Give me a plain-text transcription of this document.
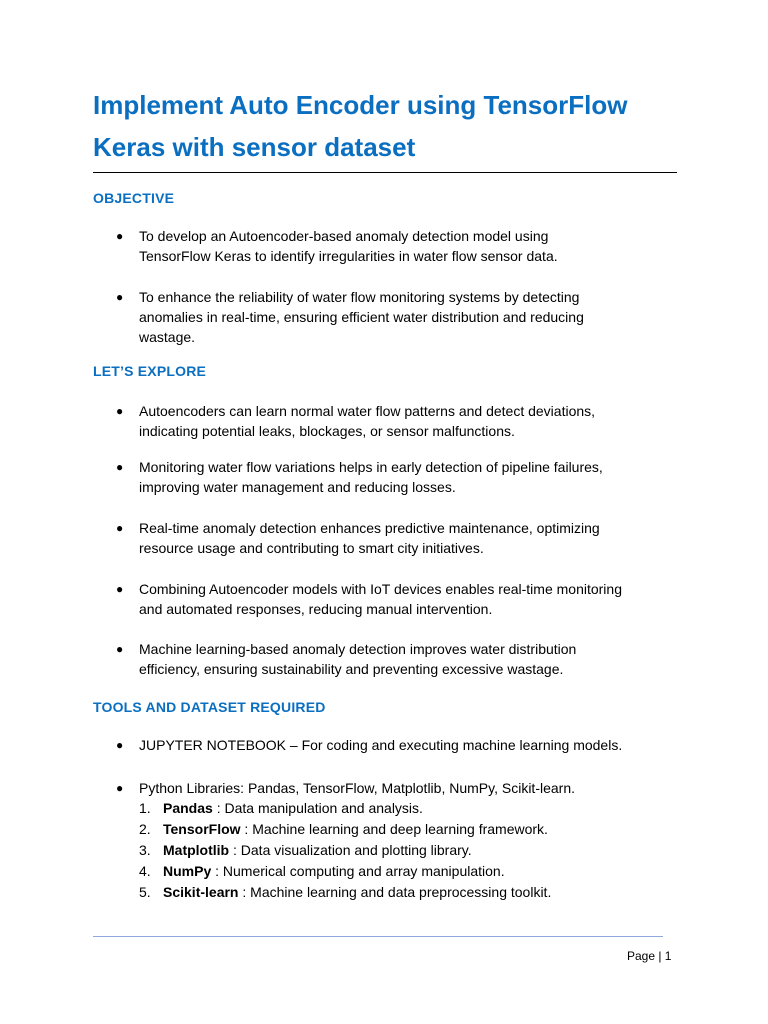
Implement Auto Encoder using TensorFlow
Keras with sensor dataset
OBJECTIVE
● To develop an Autoencoder-based anomaly detection model using
TensorFlow Keras to identify irregularities in water flow sensor data.
● To enhance the reliability of water flow monitoring systems by detecting
anomalies in real-time, ensuring efficient water distribution and reducing
wastage.
LET’S EXPLORE
● Autoencoders can learn normal water flow patterns and detect deviations,
indicating potential leaks, blockages, or sensor malfunctions.
● Monitoring water flow variations helps in early detection of pipeline failures,
improving water management and reducing losses.
● Real-time anomaly detection enhances predictive maintenance, optimizing
resource usage and contributing to smart city initiatives.
● Combining Autoencoder models with IoT devices enables real-time monitoring
and automated responses, reducing manual intervention.
● Machine learning-based anomaly detection improves water distribution
efficiency, ensuring sustainability and preventing excessive wastage.
TOOLS AND DATASET REQUIRED
● JUPYTER NOTEBOOK – For coding and executing machine learning models.
● Python Libraries: Pandas, TensorFlow, Matplotlib, NumPy, Scikit-learn.
1. Pandas : Data manipulation and analysis.
2. TensorFlow : Machine learning and deep learning framework.
3. Matplotlib : Data visualization and plotting library.
4. NumPy : Numerical computing and array manipulation.
5. Scikit-learn : Machine learning and data preprocessing toolkit.
Page | 1
